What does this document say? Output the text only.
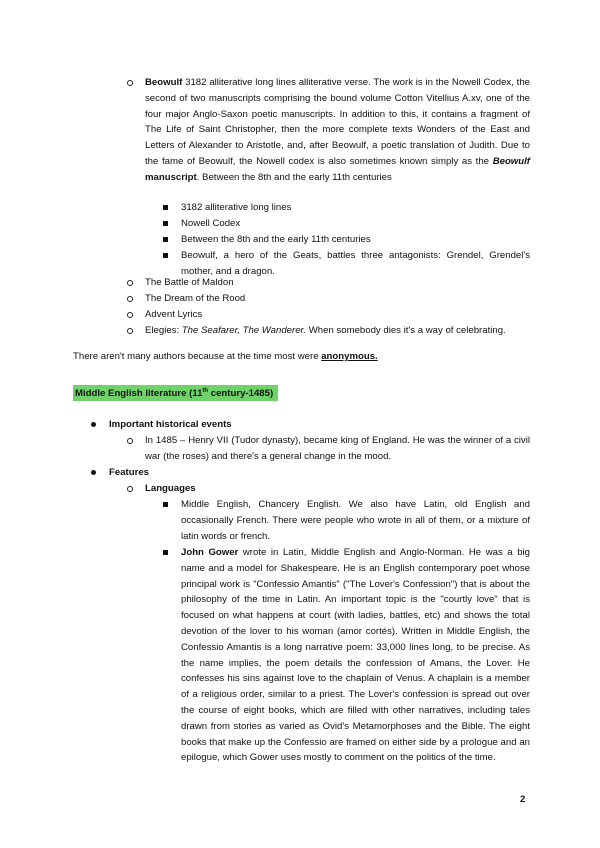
Beowulf 3182 alliterative long lines alliterative verse. The work is in the Nowell Codex, the second of two manuscripts comprising the bound volume Cotton Vitellius A.xv, one of the four major Anglo-Saxon poetic manuscripts. In addition to this, it contains a fragment of The Life of Saint Christopher, then the more complete texts Wonders of the East and Letters of Alexander to Aristotle, and, after Beowulf, a poetic translation of Judith. Due to the fame of Beowulf, the Nowell codex is also sometimes known simply as the Beowulf manuscript. Between the 8th and the early 11th centuries
3182 alliterative long lines
Nowell Codex
Between the 8th and the early 11th centuries
Beowulf, a hero of the Geats, battles three antagonists: Grendel, Grendel's mother, and a dragon.
The Battle of Maldon
The Dream of the Rood
Advent Lyrics
Elegies: The Seafarer, The Wanderer. When somebody dies it's a way of celebrating.
There aren't many authors because at the time most were anonymous.
Middle English literature (11th century-1485)
Important historical events
In 1485 – Henry VII (Tudor dynasty), became king of England. He was the winner of a civil war (the roses) and there's a general change in the mood.
Features
Languages
Middle English, Chancery English. We also have Latin, old English and occasionally French. There were people who wrote in all of them, or a mixture of latin words or french.
John Gower wrote in Latin, Middle English and Anglo-Norman. He was a big name and a model for Shakespeare. He is an English contemporary poet whose principal work is "Confessio Amantis" ("The Lover's Confession") that is about the philosophy of the time in Latin. An important topic is the "courtly love" that is focused on what happens at court (with ladies, battles, etc) and shows the total devotion of the lover to his woman (amor cortés). Written in Middle English, the Confessio Amantis is a long narrative poem: 33,000 lines long, to be precise. As the name implies, the poem details the confession of Amans, the Lover. He confesses his sins against love to the chaplain of Venus. A chaplain is a member of a religious order, similar to a priest. The Lover's confession is spread out over the course of eight books, which are filled with other narratives, including tales drawn from stories as varied as Ovid's Metamorphoses and the Bible. The eight books that make up the Confessio are framed on either side by a prologue and an epilogue, which Gower uses mostly to comment on the politics of the time.
2
